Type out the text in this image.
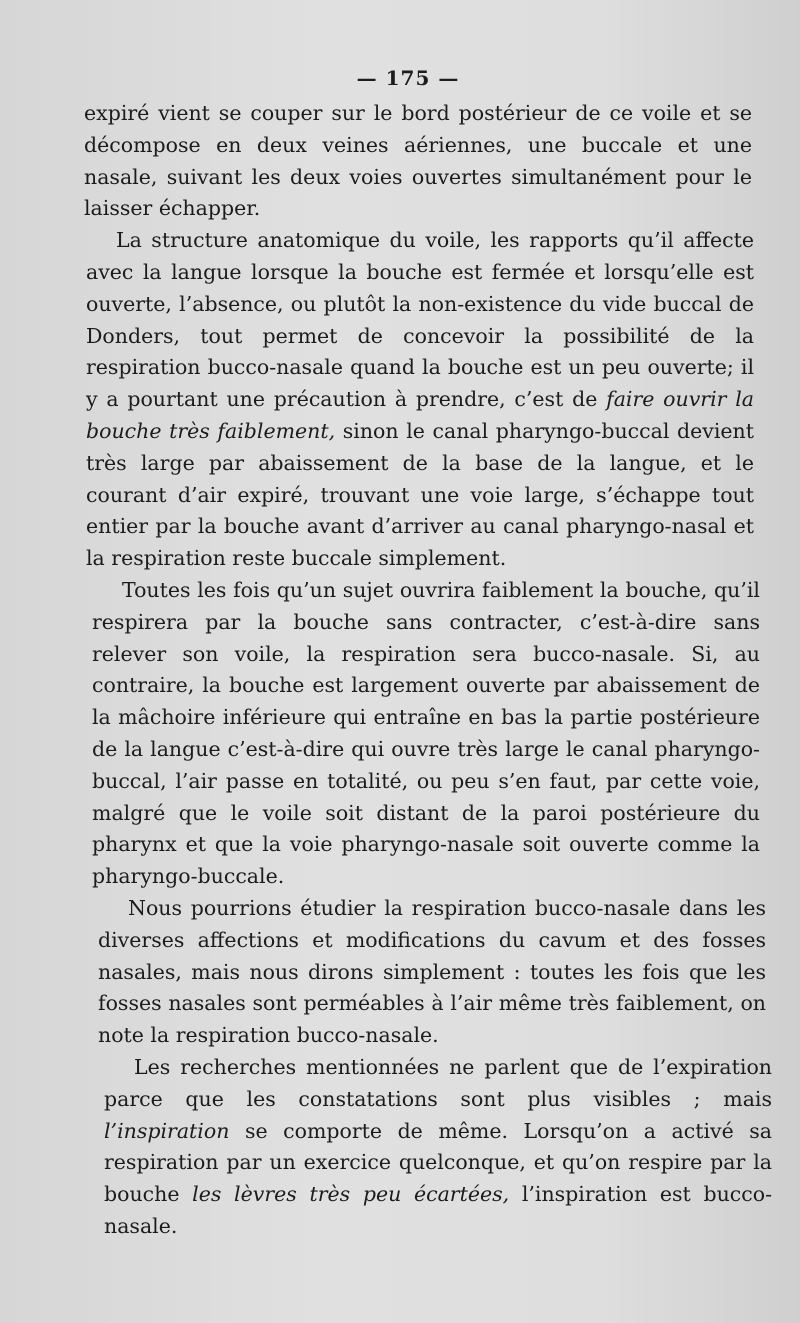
— 175 —

expiré vient se couper sur le bord postérieur de ce voile et se décompose en deux veines aériennes, une buccale et une nasale, suivant les deux voies ouvertes simultanément pour le laisser échapper.

La structure anatomique du voile, les rapports qu’il affecte avec la langue lorsque la bouche est fermée et lorsqu’elle est ouverte, l’absence, ou plutôt la non-existence du vide buccal de Donders, tout permet de concevoir la possibilité de la respiration bucco-nasale quand la bouche est un peu ouverte; il y a pourtant une précaution à prendre, c’est de faire ouvrir la bouche très faiblement, sinon le canal pharyngo-buccal devient très large par abaissement de la base de la langue, et le courant d’air expiré, trouvant une voie large, s’échappe tout entier par la bouche avant d’arriver au canal pharyngo-nasal et la respiration reste buccale simplement.

Toutes les fois qu’un sujet ouvrira faiblement la bouche, qu’il respirera par la bouche sans contracter, c’est-à-dire sans relever son voile, la respiration sera bucco-nasale. Si, au contraire, la bouche est largement ouverte par abaissement de la mâchoire inférieure qui entraîne en bas la partie postérieure de la langue c’est-à-dire qui ouvre très large le canal pharyngo-buccal, l’air passe en totalité, ou peu s’en faut, par cette voie, malgré que le voile soit distant de la paroi postérieure du pharynx et que la voie pharyngo-nasale soit ouverte comme la pharyngo-buccale.

Nous pourrions étudier la respiration bucco-nasale dans les diverses affections et modifications du cavum et des fosses nasales, mais nous dirons simplement : toutes les fois que les fosses nasales sont perméables à l’air même très faiblement, on note la respiration bucco-nasale.

Les recherches mentionnées ne parlent que de l’expiration parce que les constatations sont plus visibles ; mais l’inspiration se comporte de même. Lorsqu’on a activé sa respiration par un exercice quelconque, et qu’on respire par la bouche les lèvres très peu écartées, l’inspiration est bucco-nasale.
